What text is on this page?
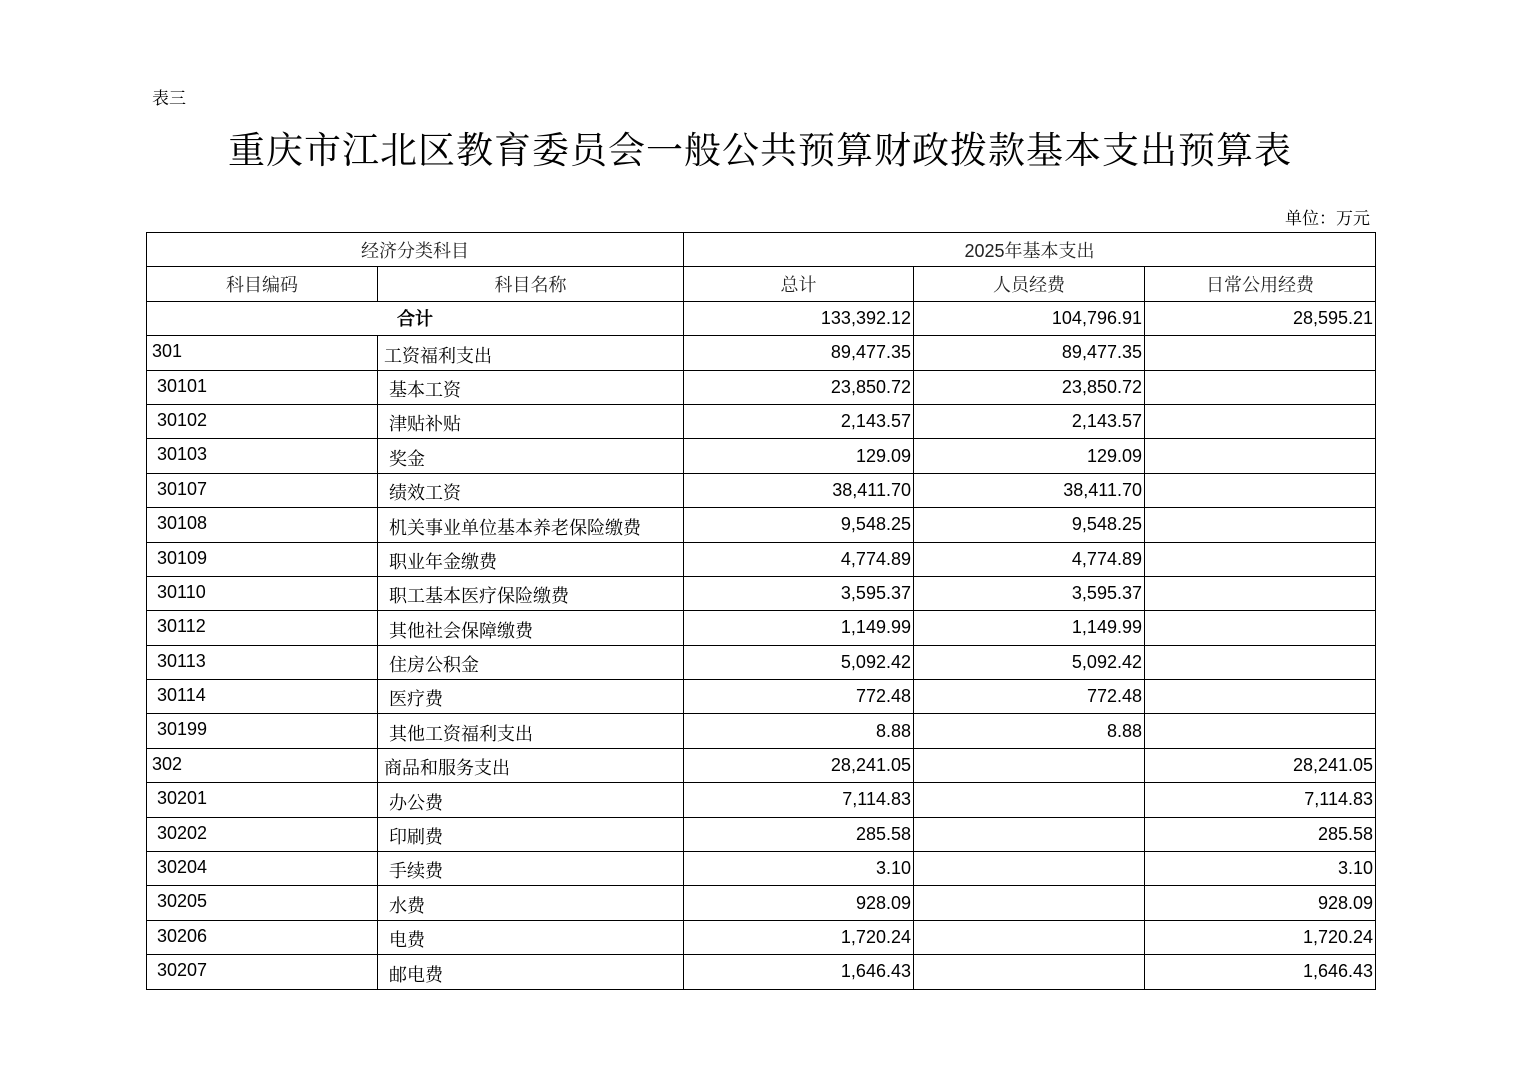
表三
重庆市江北区教育委员会一般公共预算财政拨款基本支出预算表
单位：万元
经济分类科目		2025年基本支出		
科目编码	科目名称	总计	人员经费	日常公用经费
合计		133,392.12	104,796.91	28,595.21
301	工资福利支出	89,477.35	89,477.35	
30101	基本工资	23,850.72	23,850.72	
30102	津贴补贴	2,143.57	2,143.57	
30103	奖金	129.09	129.09	
30107	绩效工资	38,411.70	38,411.70	
30108	机关事业单位基本养老保险缴费	9,548.25	9,548.25	
30109	职业年金缴费	4,774.89	4,774.89	
30110	职工基本医疗保险缴费	3,595.37	3,595.37	
30112	其他社会保障缴费	1,149.99	1,149.99	
30113	住房公积金	5,092.42	5,092.42	
30114	医疗费	772.48	772.48	
30199	其他工资福利支出	8.88	8.88	
302	商品和服务支出	28,241.05		28,241.05
30201	办公费	7,114.83		7,114.83
30202	印刷费	285.58		285.58
30204	手续费	3.10		3.10
30205	水费	928.09		928.09
30206	电费	1,720.24		1,720.24
30207	邮电费	1,646.43		1,646.43
